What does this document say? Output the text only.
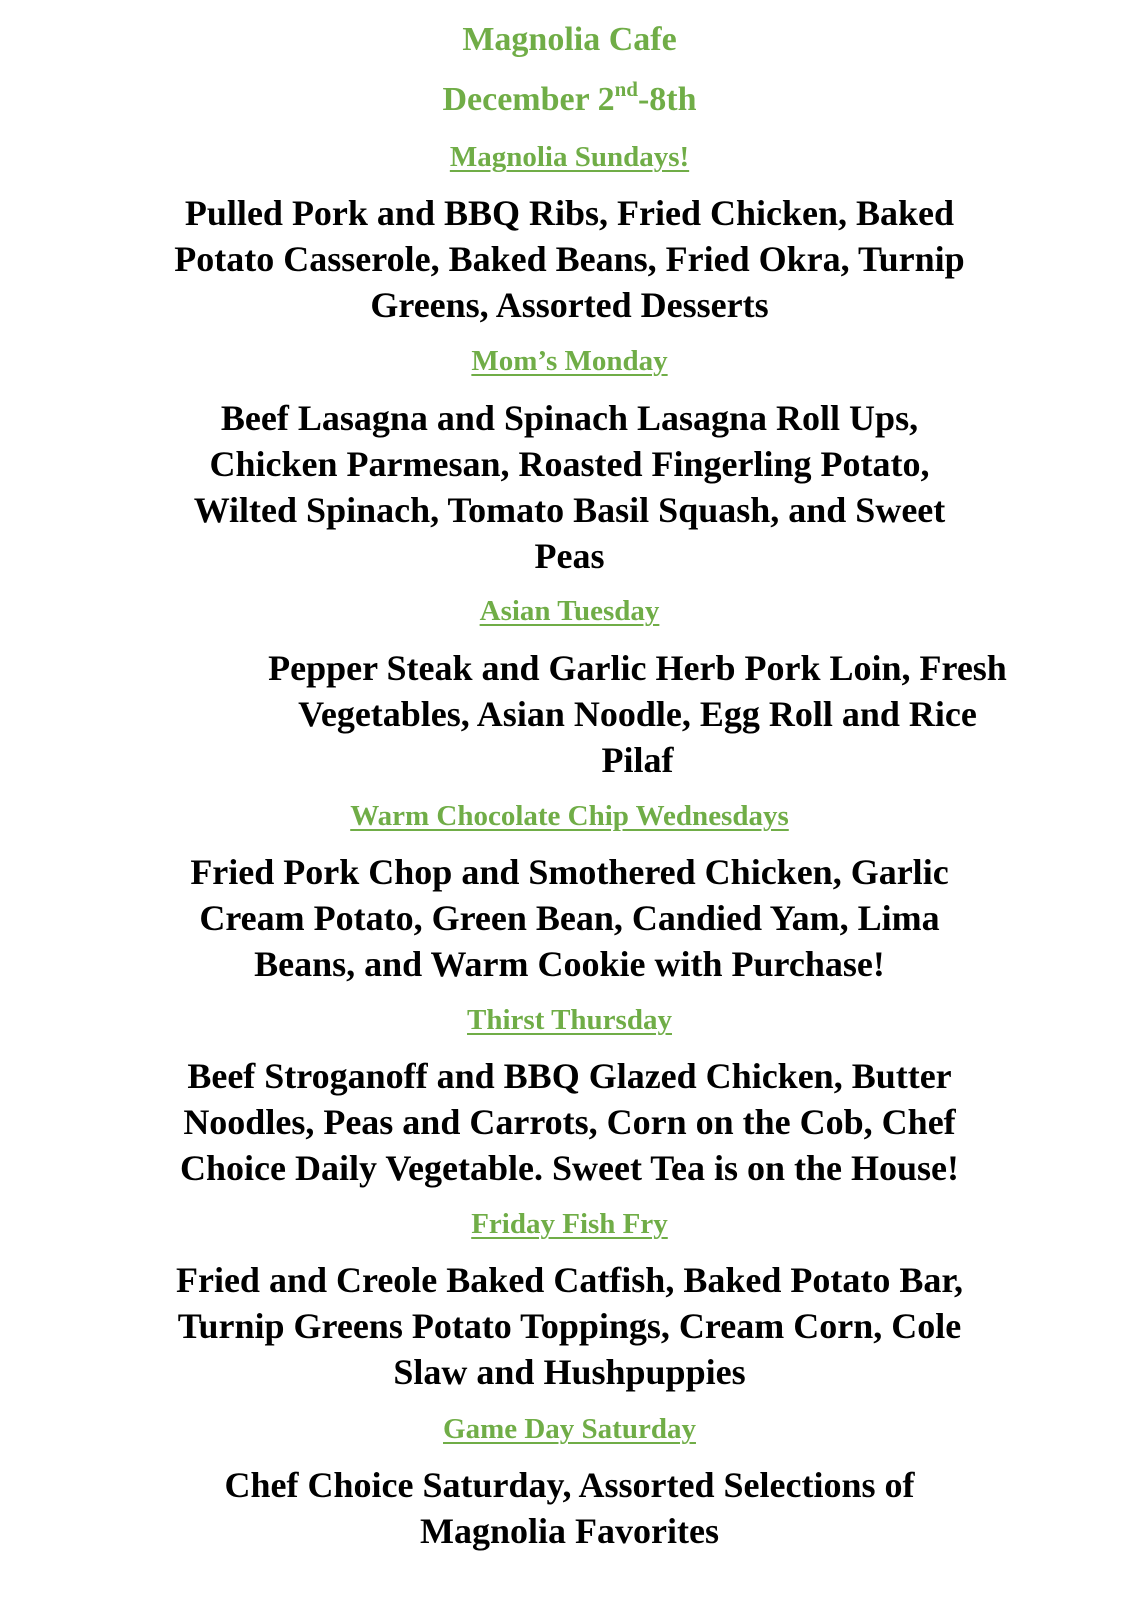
Magnolia Cafe
December 2nd-8th
Magnolia Sundays!
Pulled Pork and BBQ Ribs, Fried Chicken, Baked
Potato Casserole, Baked Beans, Fried Okra, Turnip
Greens, Assorted Desserts
Mom’s Monday
Beef Lasagna and Spinach Lasagna Roll Ups,
Chicken Parmesan, Roasted Fingerling Potato,
Wilted Spinach, Tomato Basil Squash, and Sweet
Peas
Asian Tuesday
Pepper Steak and Garlic Herb Pork Loin, Fresh
Vegetables, Asian Noodle, Egg Roll and Rice
Pilaf
Warm Chocolate Chip Wednesdays
Fried Pork Chop and Smothered Chicken, Garlic
Cream Potato, Green Bean, Candied Yam, Lima
Beans, and Warm Cookie with Purchase!
Thirst Thursday
Beef Stroganoff and BBQ Glazed Chicken, Butter
Noodles, Peas and Carrots, Corn on the Cob, Chef
Choice Daily Vegetable. Sweet Tea is on the House!
Friday Fish Fry
Fried and Creole Baked Catfish, Baked Potato Bar,
Turnip Greens Potato Toppings, Cream Corn, Cole
Slaw and Hushpuppies
Game Day Saturday
Chef Choice Saturday, Assorted Selections of
Magnolia Favorites
